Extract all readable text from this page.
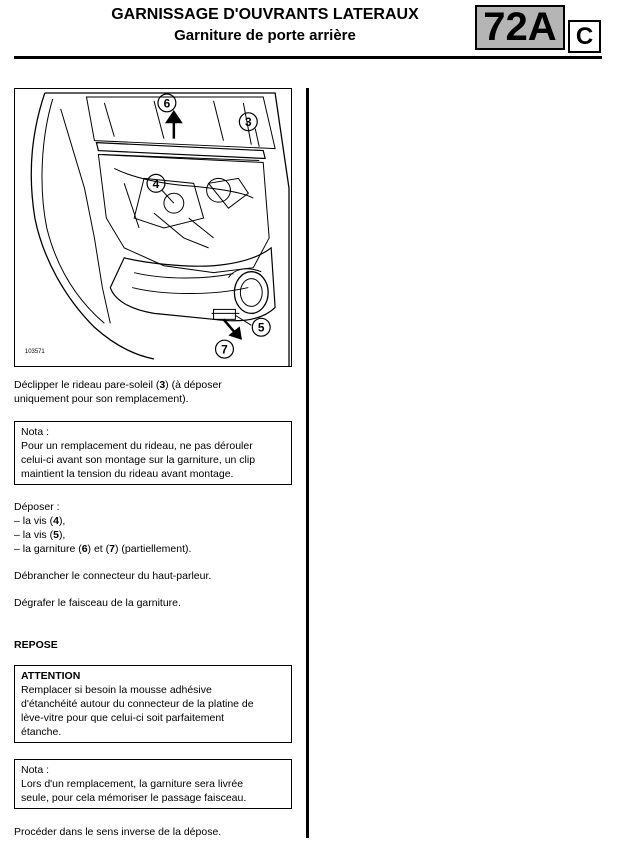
GARNISSAGE D'OUVRANTS LATERAUX
Garniture de porte arrière	72A C
6
3
4
5
7
103571
Déclipper le rideau pare-soleil (3) (à déposer
uniquement pour son remplacement).
Nota :
Pour un remplacement du rideau, ne pas dérouler
celui-ci avant son montage sur la garniture, un clip
maintient la tension du rideau avant montage.
Déposer :
– la vis (4),
– la vis (5),
– la garniture (6) et (7) (partiellement).
Débrancher le connecteur du haut-parleur.
Dégrafer le faisceau de la garniture.
REPOSE
ATTENTION
Remplacer si besoin la mousse adhésive
d'étanchéité autour du connecteur de la platine de
lève-vitre pour que celui-ci soit parfaitement
étanche.
Nota :
Lors d'un remplacement, la garniture sera livrée
seule, pour cela mémoriser le passage faisceau.
Procéder dans le sens inverse de la dépose.
